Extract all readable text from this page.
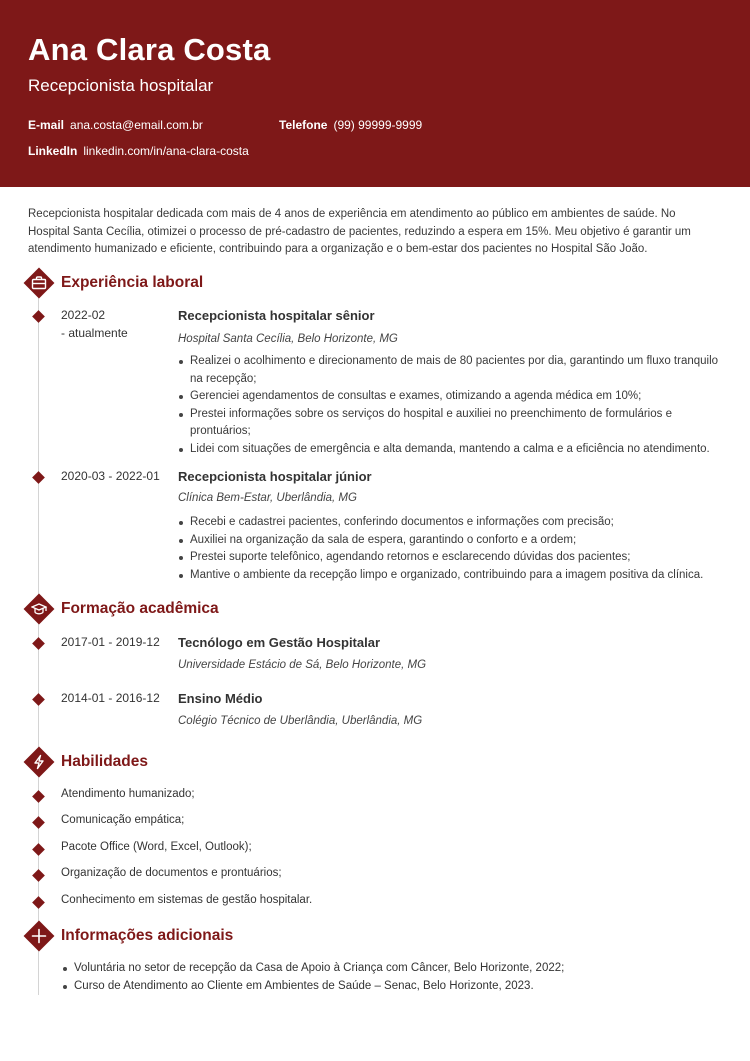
Ana Clara Costa
Recepcionista hospitalar
E-mail ana.costa@email.com.br	Telefone (99) 99999-9999
LinkedIn linkedin.com/in/ana-clara-costa

Recepcionista hospitalar dedicada com mais de 4 anos de experiência em atendimento ao público em ambientes de saúde. No Hospital Santa Cecília, otimizei o processo de pré-cadastro de pacientes, reduzindo a espera em 15%. Meu objetivo é garantir um atendimento humanizado e eficiente, contribuindo para a organização e o bem-estar dos pacientes no Hospital São João.

Experiência laboral
2022-02
- atualmente
Recepcionista hospitalar sênior
Hospital Santa Cecília, Belo Horizonte, MG
Realizei o acolhimento e direcionamento de mais de 80 pacientes por dia, garantindo um fluxo tranquilo na recepção;
Gerenciei agendamentos de consultas e exames, otimizando a agenda médica em 10%;
Prestei informações sobre os serviços do hospital e auxiliei no preenchimento de formulários e prontuários;
Lidei com situações de emergência e alta demanda, mantendo a calma e a eficiência no atendimento.
2020-03 - 2022-01 Recepcionista hospitalar júnior
Clínica Bem-Estar, Uberlândia, MG
Recebi e cadastrei pacientes, conferindo documentos e informações com precisão;
Auxiliei na organização da sala de espera, garantindo o conforto e a ordem;
Prestei suporte telefônico, agendando retornos e esclarecendo dúvidas dos pacientes;
Mantive o ambiente da recepção limpo e organizado, contribuindo para a imagem positiva da clínica.
Formação acadêmica
2017-01 - 2019-12 Tecnólogo em Gestão Hospitalar
Universidade Estácio de Sá, Belo Horizonte, MG
2014-01 - 2016-12 Ensino Médio
Colégio Técnico de Uberlândia, Uberlândia, MG
Habilidades
Atendimento humanizado;
Comunicação empática;
Pacote Office (Word, Excel, Outlook);
Organização de documentos e prontuários;
Conhecimento em sistemas de gestão hospitalar.
Informações adicionais
Voluntária no setor de recepção da Casa de Apoio à Criança com Câncer, Belo Horizonte, 2022;
Curso de Atendimento ao Cliente em Ambientes de Saúde – Senac, Belo Horizonte, 2023.
